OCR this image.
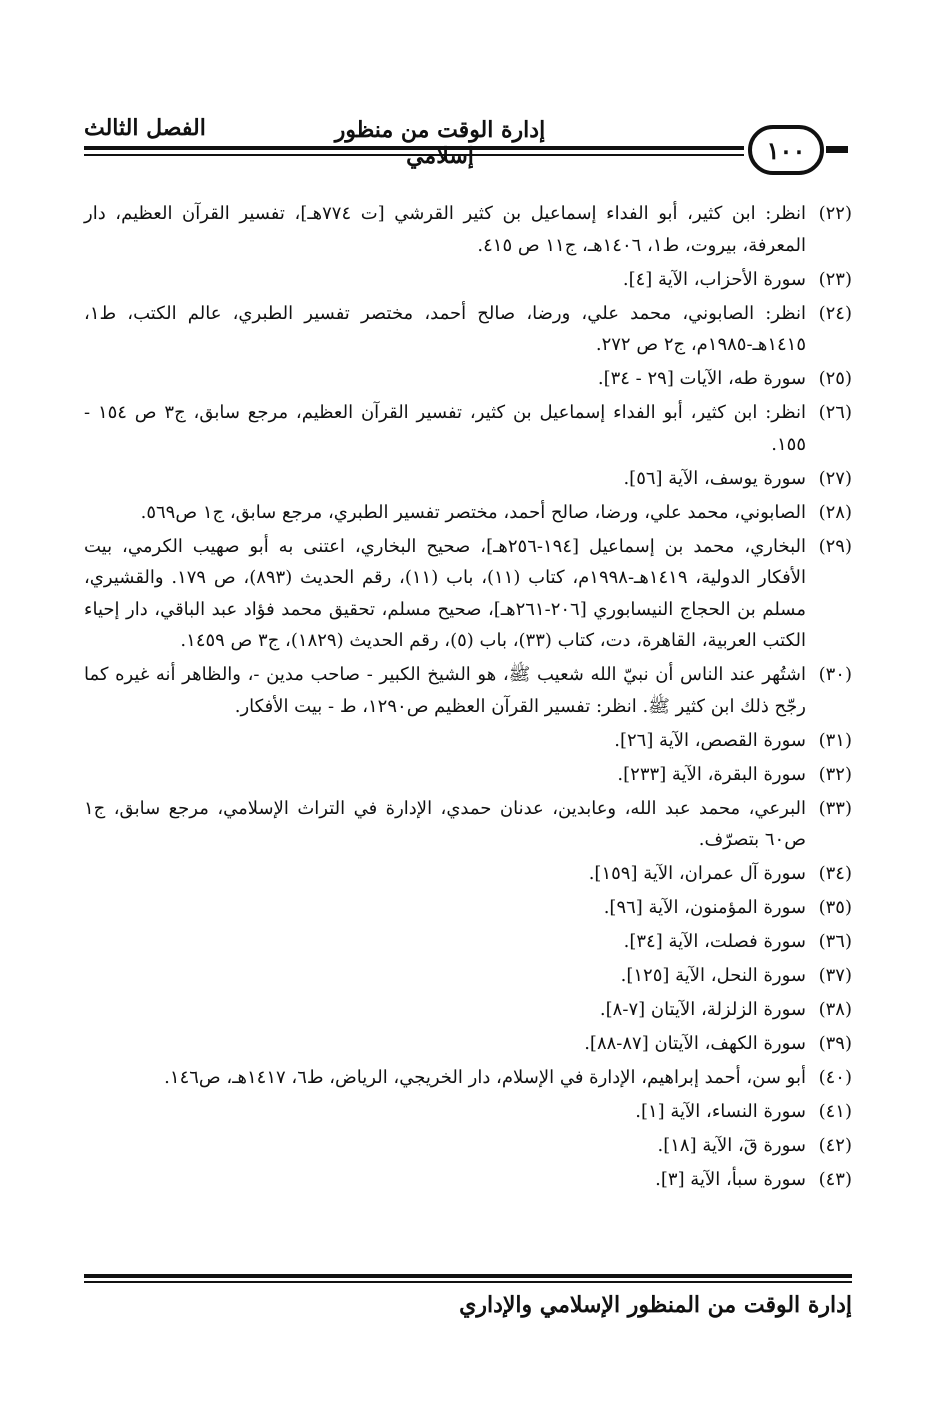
١٠٠
إدارة الوقت من منظور إسلامي
الفصل الثالث
(٢٢)
انظر: ابن كثير، أبو الفداء إسماعيل بن كثير القرشي [ت ٧٧٤هـ]، تفسير القرآن العظيم، دار المعرفة، بيروت، ط١، ١٤٠٦هـ، ج١١ ص ٤١٥.
(٢٣)
سورة الأحزاب، الآية [٤].
(٢٤)
انظر: الصابوني، محمد علي، ورضا، صالح أحمد، مختصر تفسير الطبري، عالم الكتب، ط١، ١٤١٥هـ-١٩٨٥م، ج٢ ص ٢٧٢.
(٢٥)
سورة طه، الآيات [٢٩ - ٣٤].
(٢٦)
انظر: ابن كثير، أبو الفداء إسماعيل بن كثير، تفسير القرآن العظيم، مرجع سابق، ج٣ ص ١٥٤ - ١٥٥.
(٢٧)
سورة يوسف، الآية [٥٦].
(٢٨)
الصابوني، محمد علي، ورضا، صالح أحمد، مختصر تفسير الطبري، مرجع سابق، ج١ ص٥٦٩.
(٢٩)
البخاري، محمد بن إسماعيل [١٩٤-٢٥٦هـ]، صحيح البخاري، اعتنى به أبو صهيب الكرمي، بيت الأفكار الدولية، ١٤١٩هـ-١٩٩٨م، كتاب (١١)، باب (١١)، رقم الحديث (٨٩٣)، ص ١٧٩. والقشيري، مسلم بن الحجاج النيسابوري [٢٠٦-٢٦١هـ]، صحيح مسلم، تحقيق محمد فؤاد عبد الباقي، دار إحياء الكتب العربية، القاهرة، دت، كتاب (٣٣)، باب (٥)، رقم الحديث (١٨٢٩)، ج٣ ص ١٤٥٩.
(٣٠)
اشتُهر عند الناس أن نبيّ الله شعيب ﷺ، هو الشيخ الكبير - صاحب مدين -، والظاهر أنه غيره كما رجّح ذلك ابن كثير ﷺ. انظر: تفسير القرآن العظيم ص١٢٩٠، ط - بيت الأفكار.
(٣١)
سورة القصص، الآية [٢٦].
(٣٢)
سورة البقرة، الآية [٢٣٣].
(٣٣)
البرعي، محمد عبد الله، وعابدين، عدنان حمدي، الإدارة في التراث الإسلامي، مرجع سابق، ج١ ص٦٠ بتصرّف.
(٣٤)
سورة آل عمران، الآية [١٥٩].
(٣٥)
سورة المؤمنون، الآية [٩٦].
(٣٦)
سورة فصلت، الآية [٣٤].
(٣٧)
سورة النحل، الآية [١٢٥].
(٣٨)
سورة الزلزلة، الآيتان [٧-٨].
(٣٩)
سورة الكهف، الآيتان [٨٧-٨٨].
(٤٠)
أبو سن، أحمد إبراهيم، الإدارة في الإسلام، دار الخريجي، الرياض، ط٦، ١٤١٧هـ، ص١٤٦.
(٤١)
سورة النساء، الآية [١].
(٤٢)
سورة قٓ، الآية [١٨].
(٤٣)
سورة سبأ، الآية [٣].
إدارة الوقت من المنظور الإسلامي والإداري
